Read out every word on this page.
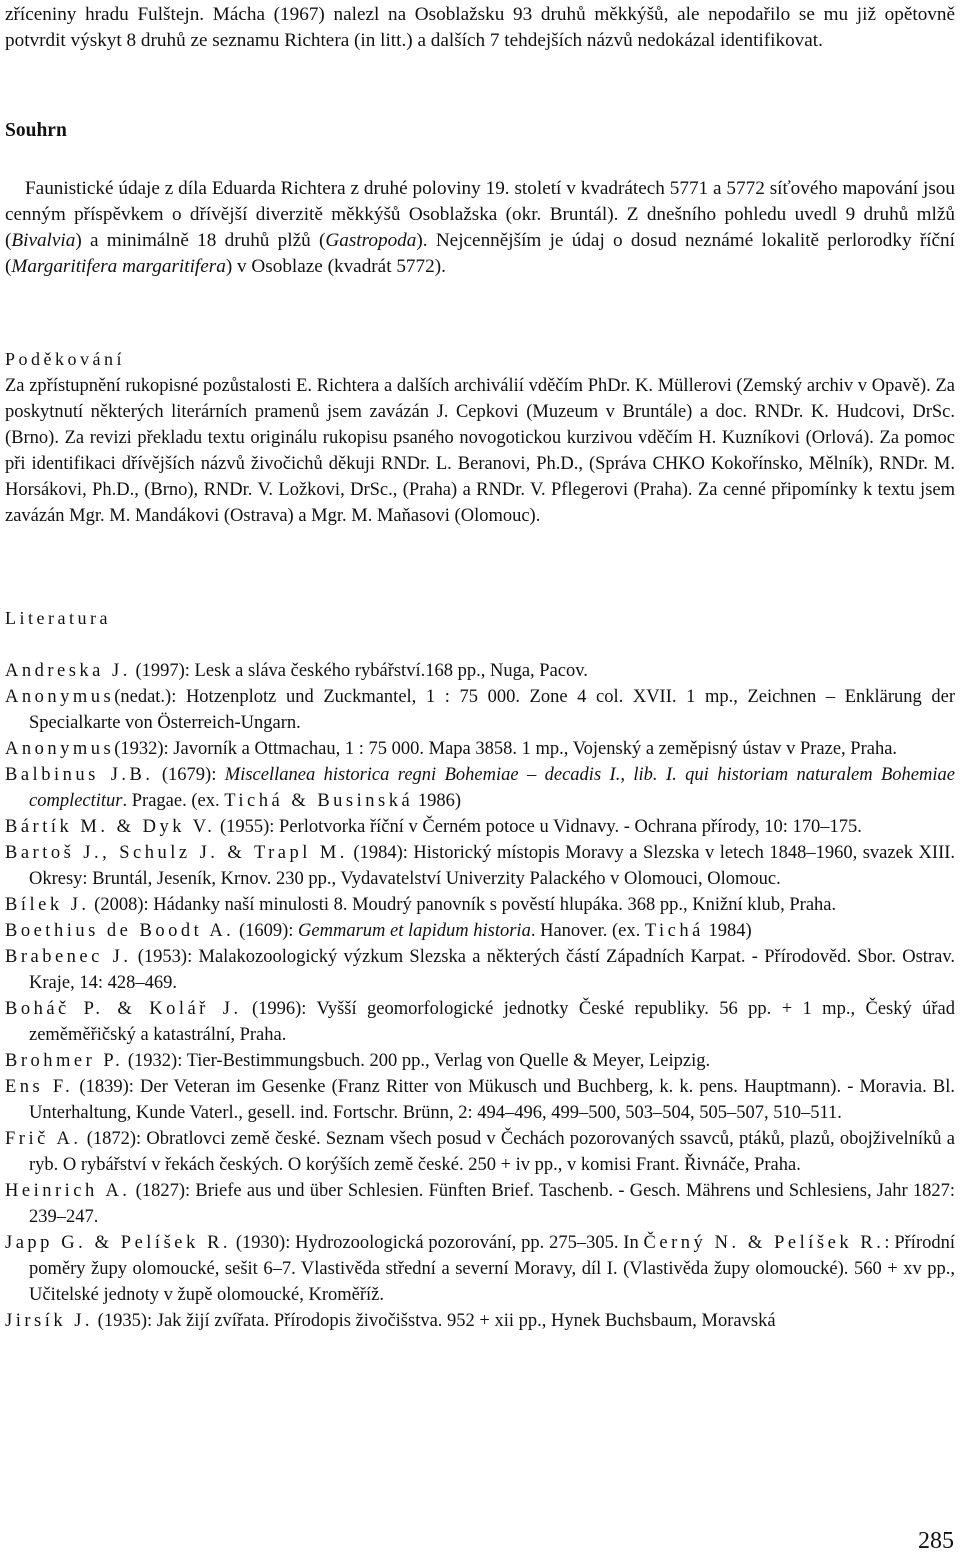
zříceniny hradu Fulštejn. Mácha (1967) nalezl na Osoblažsku 93 druhů měkkýšů, ale nepodařilo se mu již opětovně potvrdit výskyt 8 druhů ze seznamu Richtera (in litt.) a dalších 7 tehdejších názvů nedokázal identifikovat.

Souhrn

Faunistické údaje z díla Eduarda Richtera z druhé poloviny 19. století v kvadrátech 5771 a 5772 síťového mapování jsou cenným příspěvkem o dřívější diverzitě měkkýšů Osoblažska (okr. Bruntál). Z dnešního pohledu uvedl 9 druhů mlžů (Bivalvia) a minimálně 18 druhů plžů (Gastropoda). Nejcennějším je údaj o dosud neznámé lokalitě perlorodky říční (Margaritifera margaritifera) v Osoblaze (kvadrát 5772).

Poděkování

Za zpřístupnění rukopisné pozůstalosti E. Richtera a dalších archiválií vděčím PhDr. K. Müllerovi (Zemský archiv v Opavě). Za poskytnutí některých literárních pramenů jsem zavázán J. Cepkovi (Muzeum v Bruntále) a doc. RNDr. K. Hudcovi, DrSc. (Brno). Za revizi překladu textu originálu rukopisu psaného novogotickou kurzivou vděčím H. Kuzníkovi (Orlová). Za pomoc při identifikaci dřívějších názvů živočichů děkuji RNDr. L. Beranovi, Ph.D., (Správa CHKO Kokořínsko, Mělník), RNDr. M. Horsákovi, Ph.D., (Brno), RNDr. V. Ložkovi, DrSc., (Praha) a RNDr. V. Pflegerovi (Praha). Za cenné připomínky k textu jsem zavázán Mgr. M. Mandákovi (Ostrava) a Mgr. M. Maňasovi (Olomouc).

Literatura

Andreska J. (1997): Lesk a sláva českého rybářství.168 pp., Nuga, Pacov.

Anonymus(nedat.): Hotzenplotz und Zuckmantel, 1 : 75 000. Zone 4 col. XVII. 1 mp., Zeichnen – Enklärung der Specialkarte von Österreich-Ungarn.

Anonymus(1932): Javorník a Ottmachau, 1 : 75 000. Mapa 3858. 1 mp., Vojenský a zeměpisný ústav v Praze, Praha.

Balbinus J.B. (1679): Miscellanea historica regni Bohemiae – decadis I., lib. I. qui historiam naturalem Bohemiae complectitur. Pragae. (ex. Tichá & Businská 1986)

Bártík M. & Dyk V. (1955): Perlotvorka říční v Černém potoce u Vidnavy. - Ochrana přírody, 10: 170–175.

Bartoš J., Schulz J. & Trapl M. (1984): Historický místopis Moravy a Slezska v letech 1848–1960, svazek XIII. Okresy: Bruntál, Jeseník, Krnov. 230 pp., Vydavatelství Univerzity Palackého v Olomouci, Olomouc.

Bílek J. (2008): Hádanky naší minulosti 8. Moudrý panovník s pověstí hlupáka. 368 pp., Knižní klub, Praha.

Boethius de Boodt A. (1609): Gemmarum et lapidum historia. Hanover. (ex. Tichá 1984)

Brabenec J. (1953): Malakozoologický výzkum Slezska a některých částí Západních Karpat. - Přírodověd. Sbor. Ostrav. Kraje, 14: 428–469.

Boháč P. & Kolář J. (1996): Vyšší geomorfologické jednotky České republiky. 56 pp. + 1 mp., Český úřad zeměměřičský a katastrální, Praha.

Brohmer P. (1932): Tier-Bestimmungsbuch. 200 pp., Verlag von Quelle & Meyer, Leipzig.

Ens F. (1839): Der Veteran im Gesenke (Franz Ritter von Mükusch und Buchberg, k. k. pens. Hauptmann). - Moravia. Bl. Unterhaltung, Kunde Vaterl., gesell. ind. Fortschr. Brünn, 2: 494–496, 499–500, 503–504, 505–507, 510–511.

Frič A. (1872): Obratlovci země české. Seznam všech posud v Čechách pozorovaných ssavců, ptáků, plazů, obojživelníků a ryb. O rybářství v řekách českých. O korýších země české. 250 + iv pp., v komisi Frant. Řivnáče, Praha.

Heinrich A. (1827): Briefe aus und über Schlesien. Fünften Brief. Taschenb. - Gesch. Mährens und Schlesiens, Jahr 1827: 239–247.

Japp G. & Pelíšek R. (1930): Hydrozoologická pozorování, pp. 275–305. In Černý N. & Pelíšek R.: Přírodní poměry župy olomoucké, sešit 6–7. Vlastivěda střední a severní Moravy, díl I. (Vlastivěda župy olomoucké). 560 + xv pp., Učitelské jednoty v župě olomoucké, Kroměříž.

Jirsík J. (1935): Jak žijí zvířata. Přírodopis živočišstva. 952 + xii pp., Hynek Buchsbaum, Moravská

285
